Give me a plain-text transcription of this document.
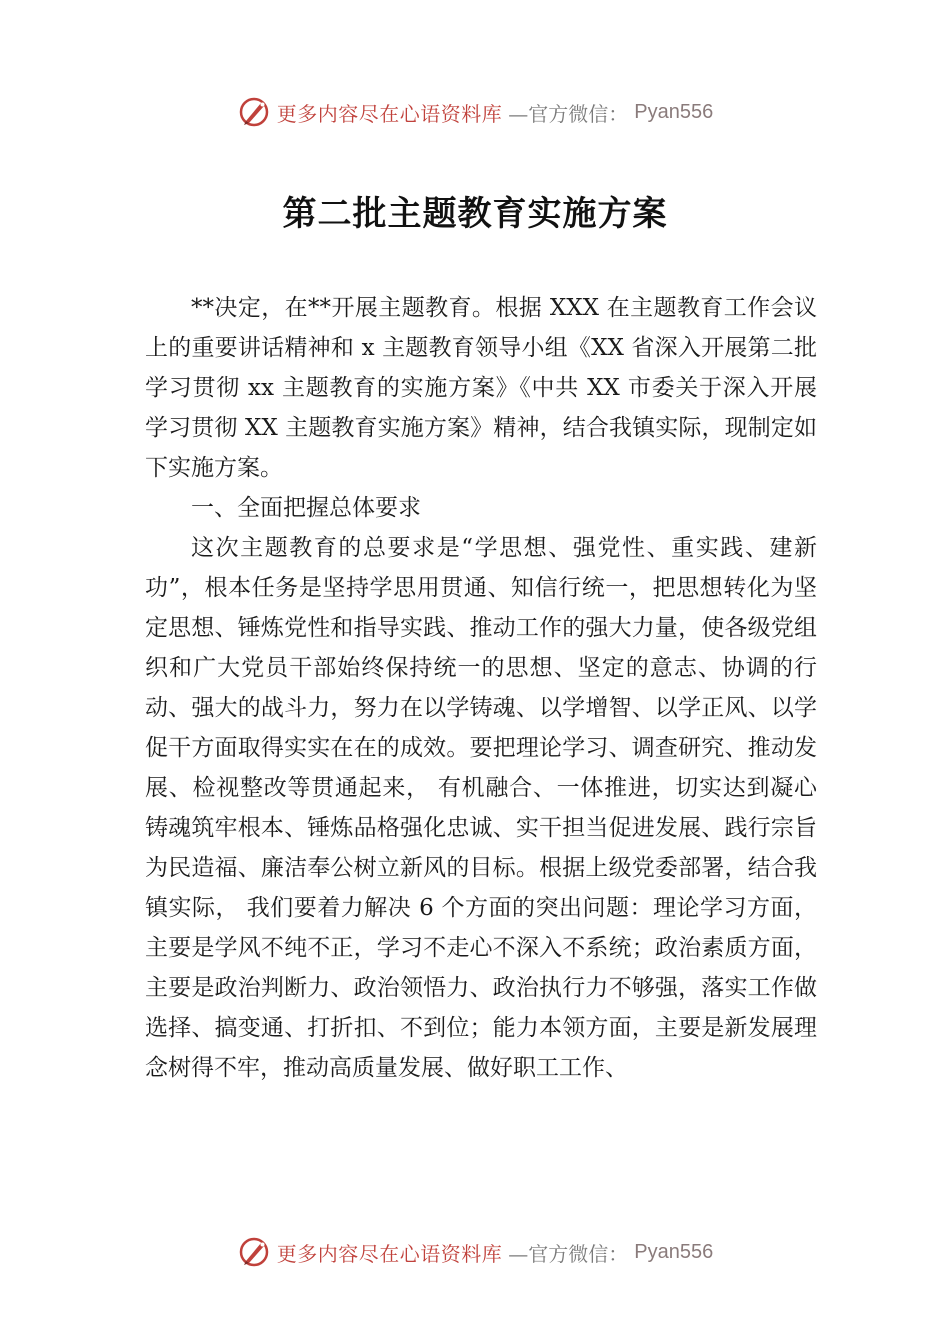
更多内容尽在心语资料库 —官方微信： Pyan556
第二批主题教育实施方案

**决定，在**开展主题教育。根据 XXX 在主题教育工作会议上的重要讲话精神和 x 主题教育领导小组《XX 省深入开展第二批学习贯彻 xx 主题教育的实施方案》《中共 XX 市委关于深入开展学习贯彻 XX 主题教育实施方案》精神，结合我镇实际，现制定如下实施方案。

一、全面把握总体要求

这次主题教育的总要求是“学思想、强党性、重实践、建新功”，根本任务是坚持学思用贯通、知信行统一，把思想转化为坚定思想、锤炼党性和指导实践、推动工作的强大力量，使各级党组织和广大党员干部始终保持统一的思想、坚定的意志、协调的行动、强大的战斗力，努力在以学铸魂、以学增智、以学正风、以学促干方面取得实实在在的成效。要把理论学习、调查研究、推动发展、检视整改等贯通起来， 有机融合、一体推进，切实达到凝心铸魂筑牢根本、锤炼品格强化忠诚、实干担当促进发展、践行宗旨为民造福、廉洁奉公树立新风的目标。根据上级党委部署，结合我镇实际， 我们要着力解决 6 个方面的突出问题：理论学习方面，主要是学风不纯不正，学习不走心不深入不系统；政治素质方面， 主要是政治判断力、政治领悟力、政治执行力不够强，落实工作做选择、搞变通、打折扣、不到位；能力本领方面，主要是新发展理念树得不牢，推动高质量发展、做好职工工作、

更多内容尽在心语资料库 —官方微信： Pyan556
